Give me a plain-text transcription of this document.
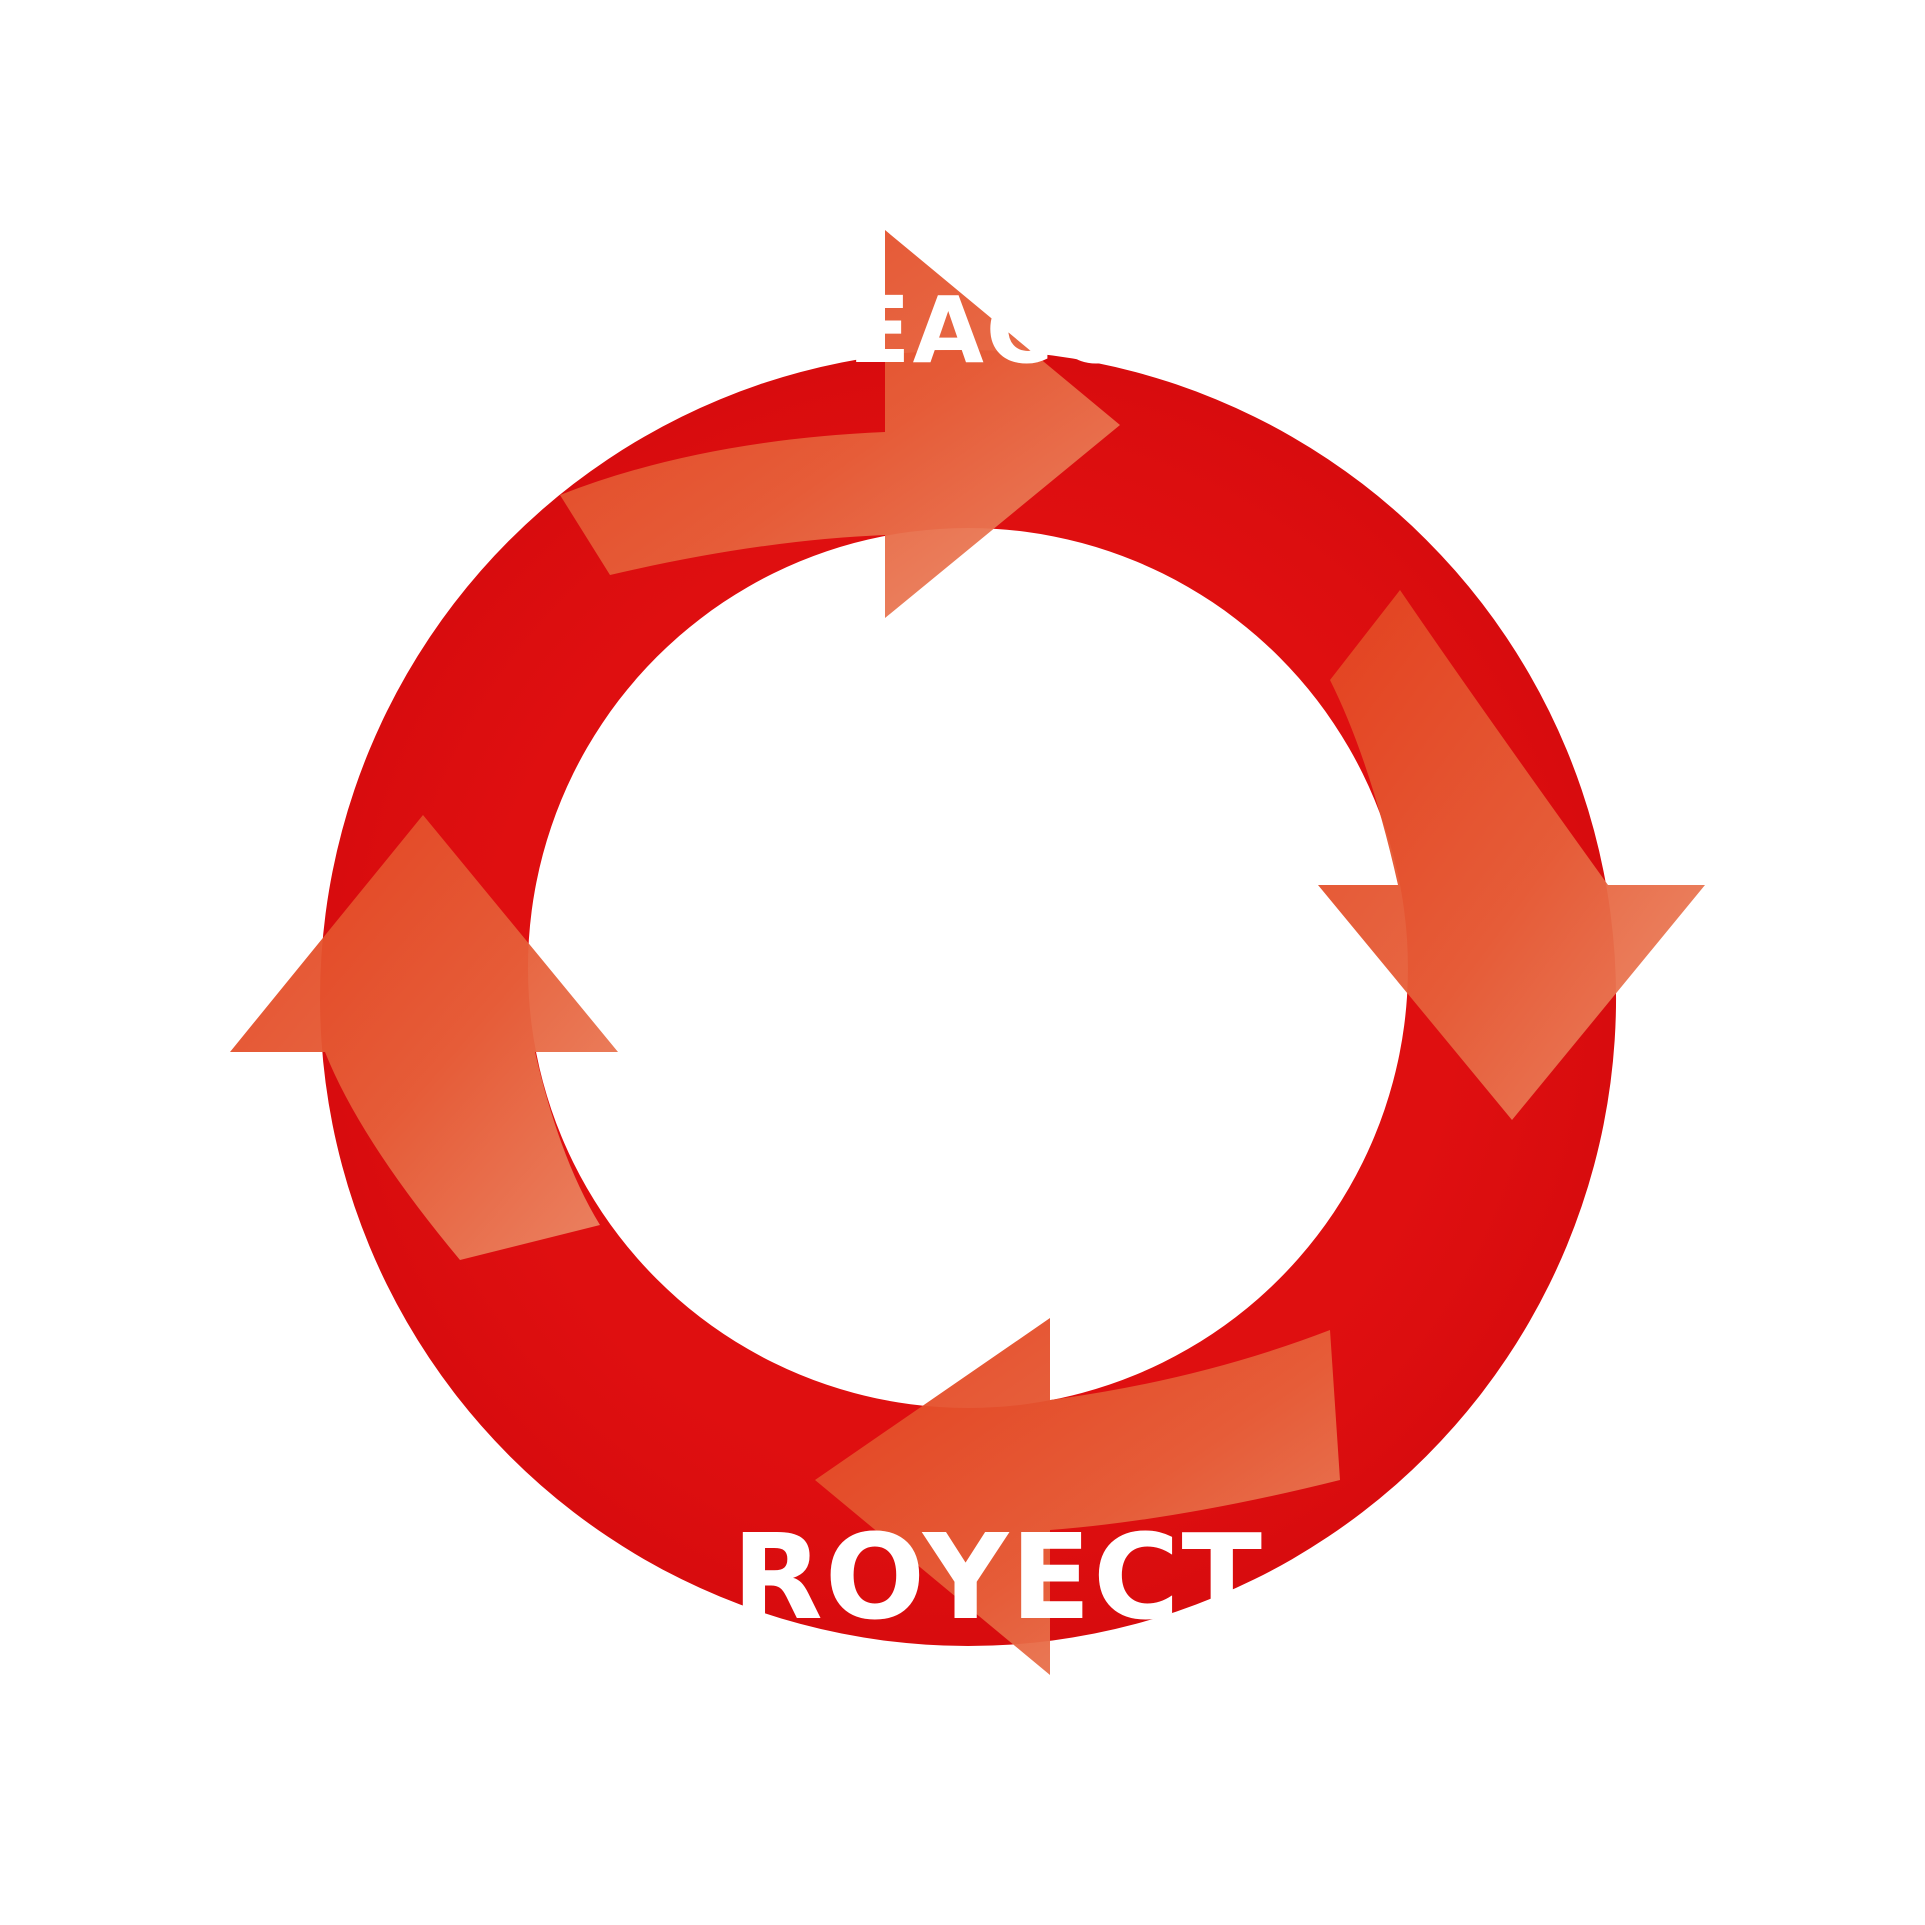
REACCI
ROYECT
'
